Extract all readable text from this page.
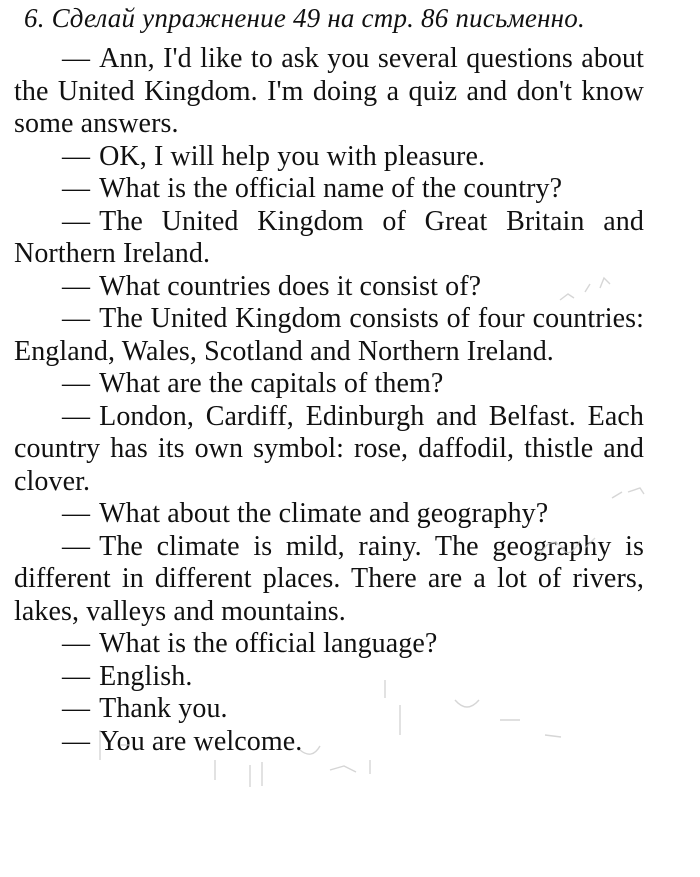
6. Сделай упражнение 49 на стр. 86 письменно.

— Ann, I'd like to ask you several questions about the United Kingdom. I'm doing a quiz and don't know some answers.

— OK, I will help you with pleasure.

— What is the official name of the country?

— The United Kingdom of Great Britain and Northern Ireland.

— What countries does it consist of?

— The United Kingdom consists of four countries: England, Wales, Scotland and Northern Ireland.

— What are the capitals of them?

— London, Cardiff, Edinburgh and Belfast. Each country has its own symbol: rose, daffodil, thistle and clover.

— What about the climate and geography?

— The climate is mild, rainy. The geography is different in different places. There are a lot of rivers, lakes, valleys and mountains.

— What is the official language?

— English.

— Thank you.

— You are welcome.
